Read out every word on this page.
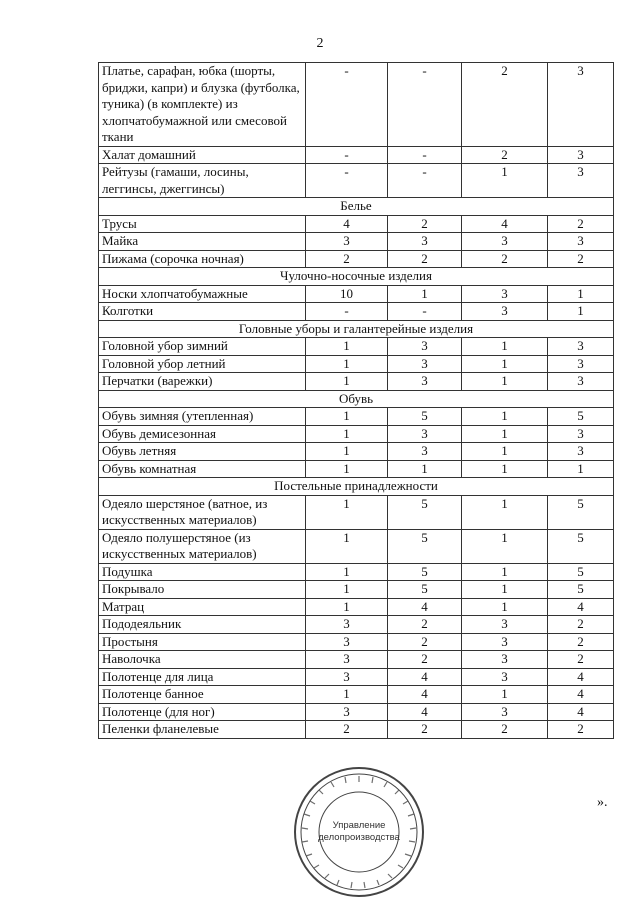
2
Платье, сарафан, юбка (шорты, бриджи, капри) и блузка (футболка, туника) (в комплекте) из хлопчатобумажной или смесовой ткани	-	-	2	3
Халат домашний	-	-	2	3
Рейтузы (гамаши, лосины, леггинсы, джеггинсы)	-	-	1	3
Белье				
Трусы	4	2	4	2
Майка	3	3	3	3
Пижама (сорочка ночная)	2	2	2	2
Чулочно-носочные изделия				
Носки хлопчатобумажные	10	1	3	1
Колготки	-	-	3	1
Головные уборы и галантерейные изделия				
Головной убор зимний	1	3	1	3
Головной убор летний	1	3	1	3
Перчатки (варежки)	1	3	1	3
Обувь				
Обувь зимняя (утепленная)	1	5	1	5
Обувь демисезонная	1	3	1	3
Обувь летняя	1	3	1	3
Обувь комнатная	1	1	1	1
Постельные принадлежности				
Одеяло шерстяное (ватное, из искусственных материалов)	1	5	1	5
Одеяло полушерстяное (из искусственных материалов)	1	5	1	5
Подушка	1	5	1	5
Покрывало	1	5	1	5
Матрац	1	4	1	4
Пододеяльник	3	2	3	2
Простыня	3	2	3	2
Наволочка	3	2	3	2
Полотенце для лица	3	4	3	4
Полотенце банное	1	4	1	4
Полотенце (для ног)	3	4	3	4
Пеленки фланелевые	2	2	2	2
».
Управление
делопроизводства
